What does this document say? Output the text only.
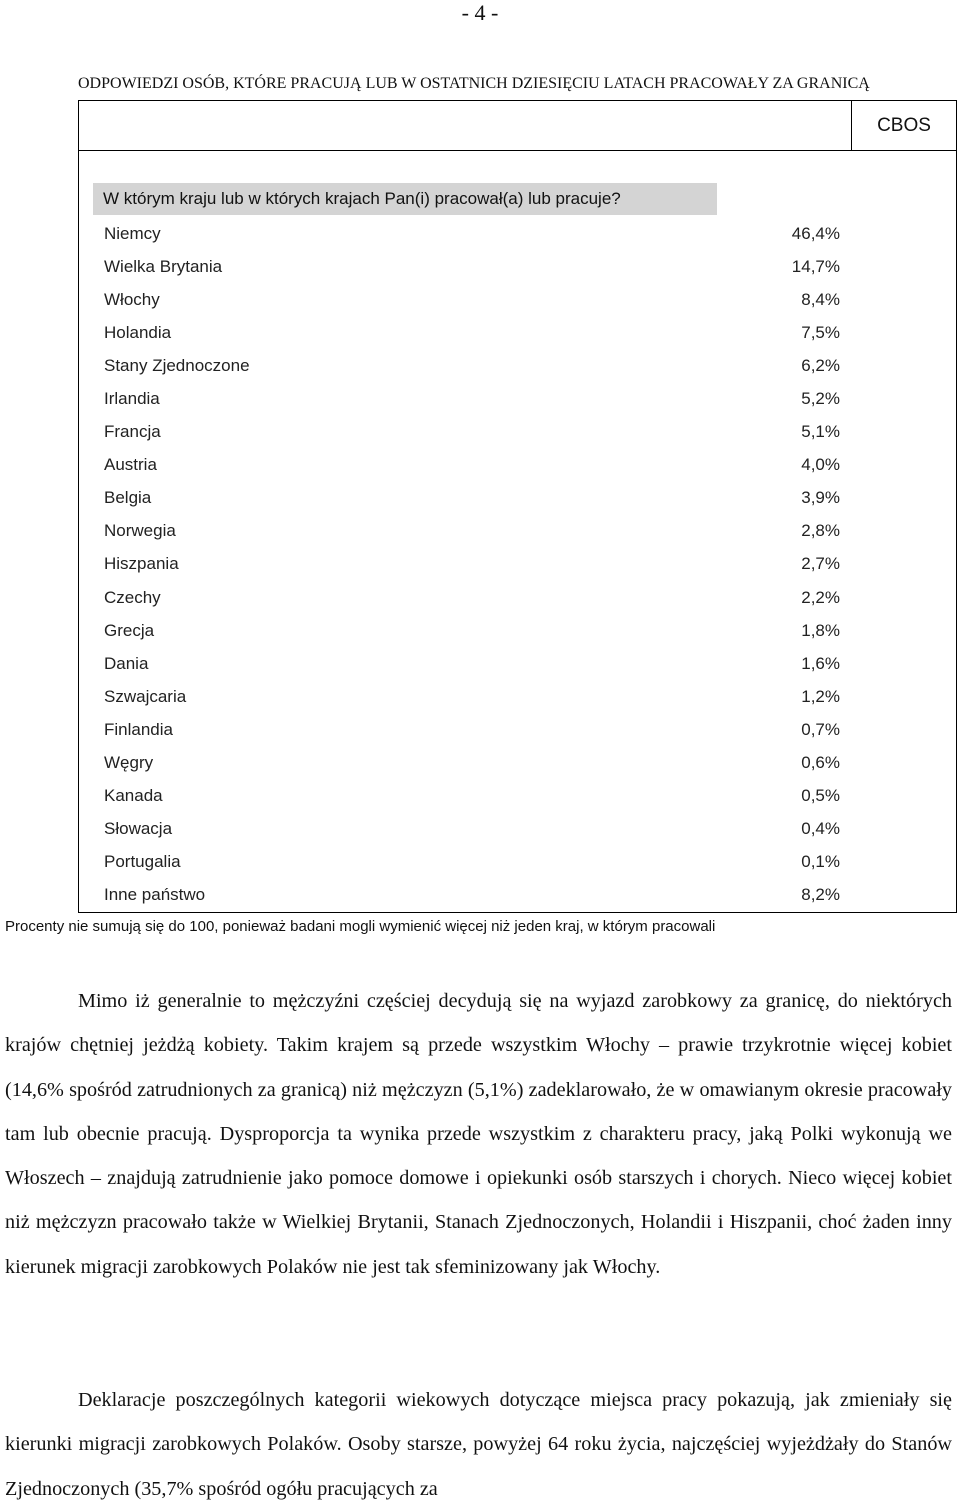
- 4 -
ODPOWIEDZI OSÓB, KTÓRE PRACUJĄ LUB W OSTATNICH DZIESIĘCIU LATACH PRACOWAŁY ZA GRANICĄ
CBOS
W którym kraju lub w których krajach Pan(i) pracował(a) lub pracuje?
Niemcy	46,4%
Wielka Brytania	14,7%
Włochy	8,4%
Holandia	7,5%
Stany Zjednoczone	6,2%
Irlandia	5,2%
Francja	5,1%
Austria	4,0%
Belgia	3,9%
Norwegia	2,8%
Hiszpania	2,7%
Czechy	2,2%
Grecja	1,8%
Dania	1,6%
Szwajcaria	1,2%
Finlandia	0,7%
Węgry	0,6%
Kanada	0,5%
Słowacja	0,4%
Portugalia	0,1%
Inne państwo	8,2%
Procenty nie sumują się do 100, ponieważ badani mogli wymienić więcej niż jeden kraj, w którym pracowali

Mimo iż generalnie to mężczyźni częściej decydują się na wyjazd zarobkowy za granicę, do niektórych krajów chętniej jeżdżą kobiety. Takim krajem są przede wszystkim Włochy – prawie trzykrotnie więcej kobiet (14,6% spośród zatrudnionych za granicą) niż mężczyzn (5,1%) zadeklarowało, że w omawianym okresie pracowały tam lub obecnie pracują. Dysproporcja ta wynika przede wszystkim z charakteru pracy, jaką Polki wykonują we Włoszech – znajdują zatrudnienie jako pomoce domowe i opiekunki osób starszych i chorych. Nieco więcej kobiet niż mężczyzn pracowało także w Wielkiej Brytanii, Stanach Zjednoczonych, Holandii i Hiszpanii, choć żaden inny kierunek migracji zarobkowych Polaków nie jest tak sfeminizowany jak Włochy.

Deklaracje poszczególnych kategorii wiekowych dotyczące miejsca pracy pokazują, jak zmieniały się kierunki migracji zarobkowych Polaków. Osoby starsze, powyżej 64 roku życia, najczęściej wyjeżdżały do Stanów Zjednoczonych (35,7% spośród ogółu pracujących za
